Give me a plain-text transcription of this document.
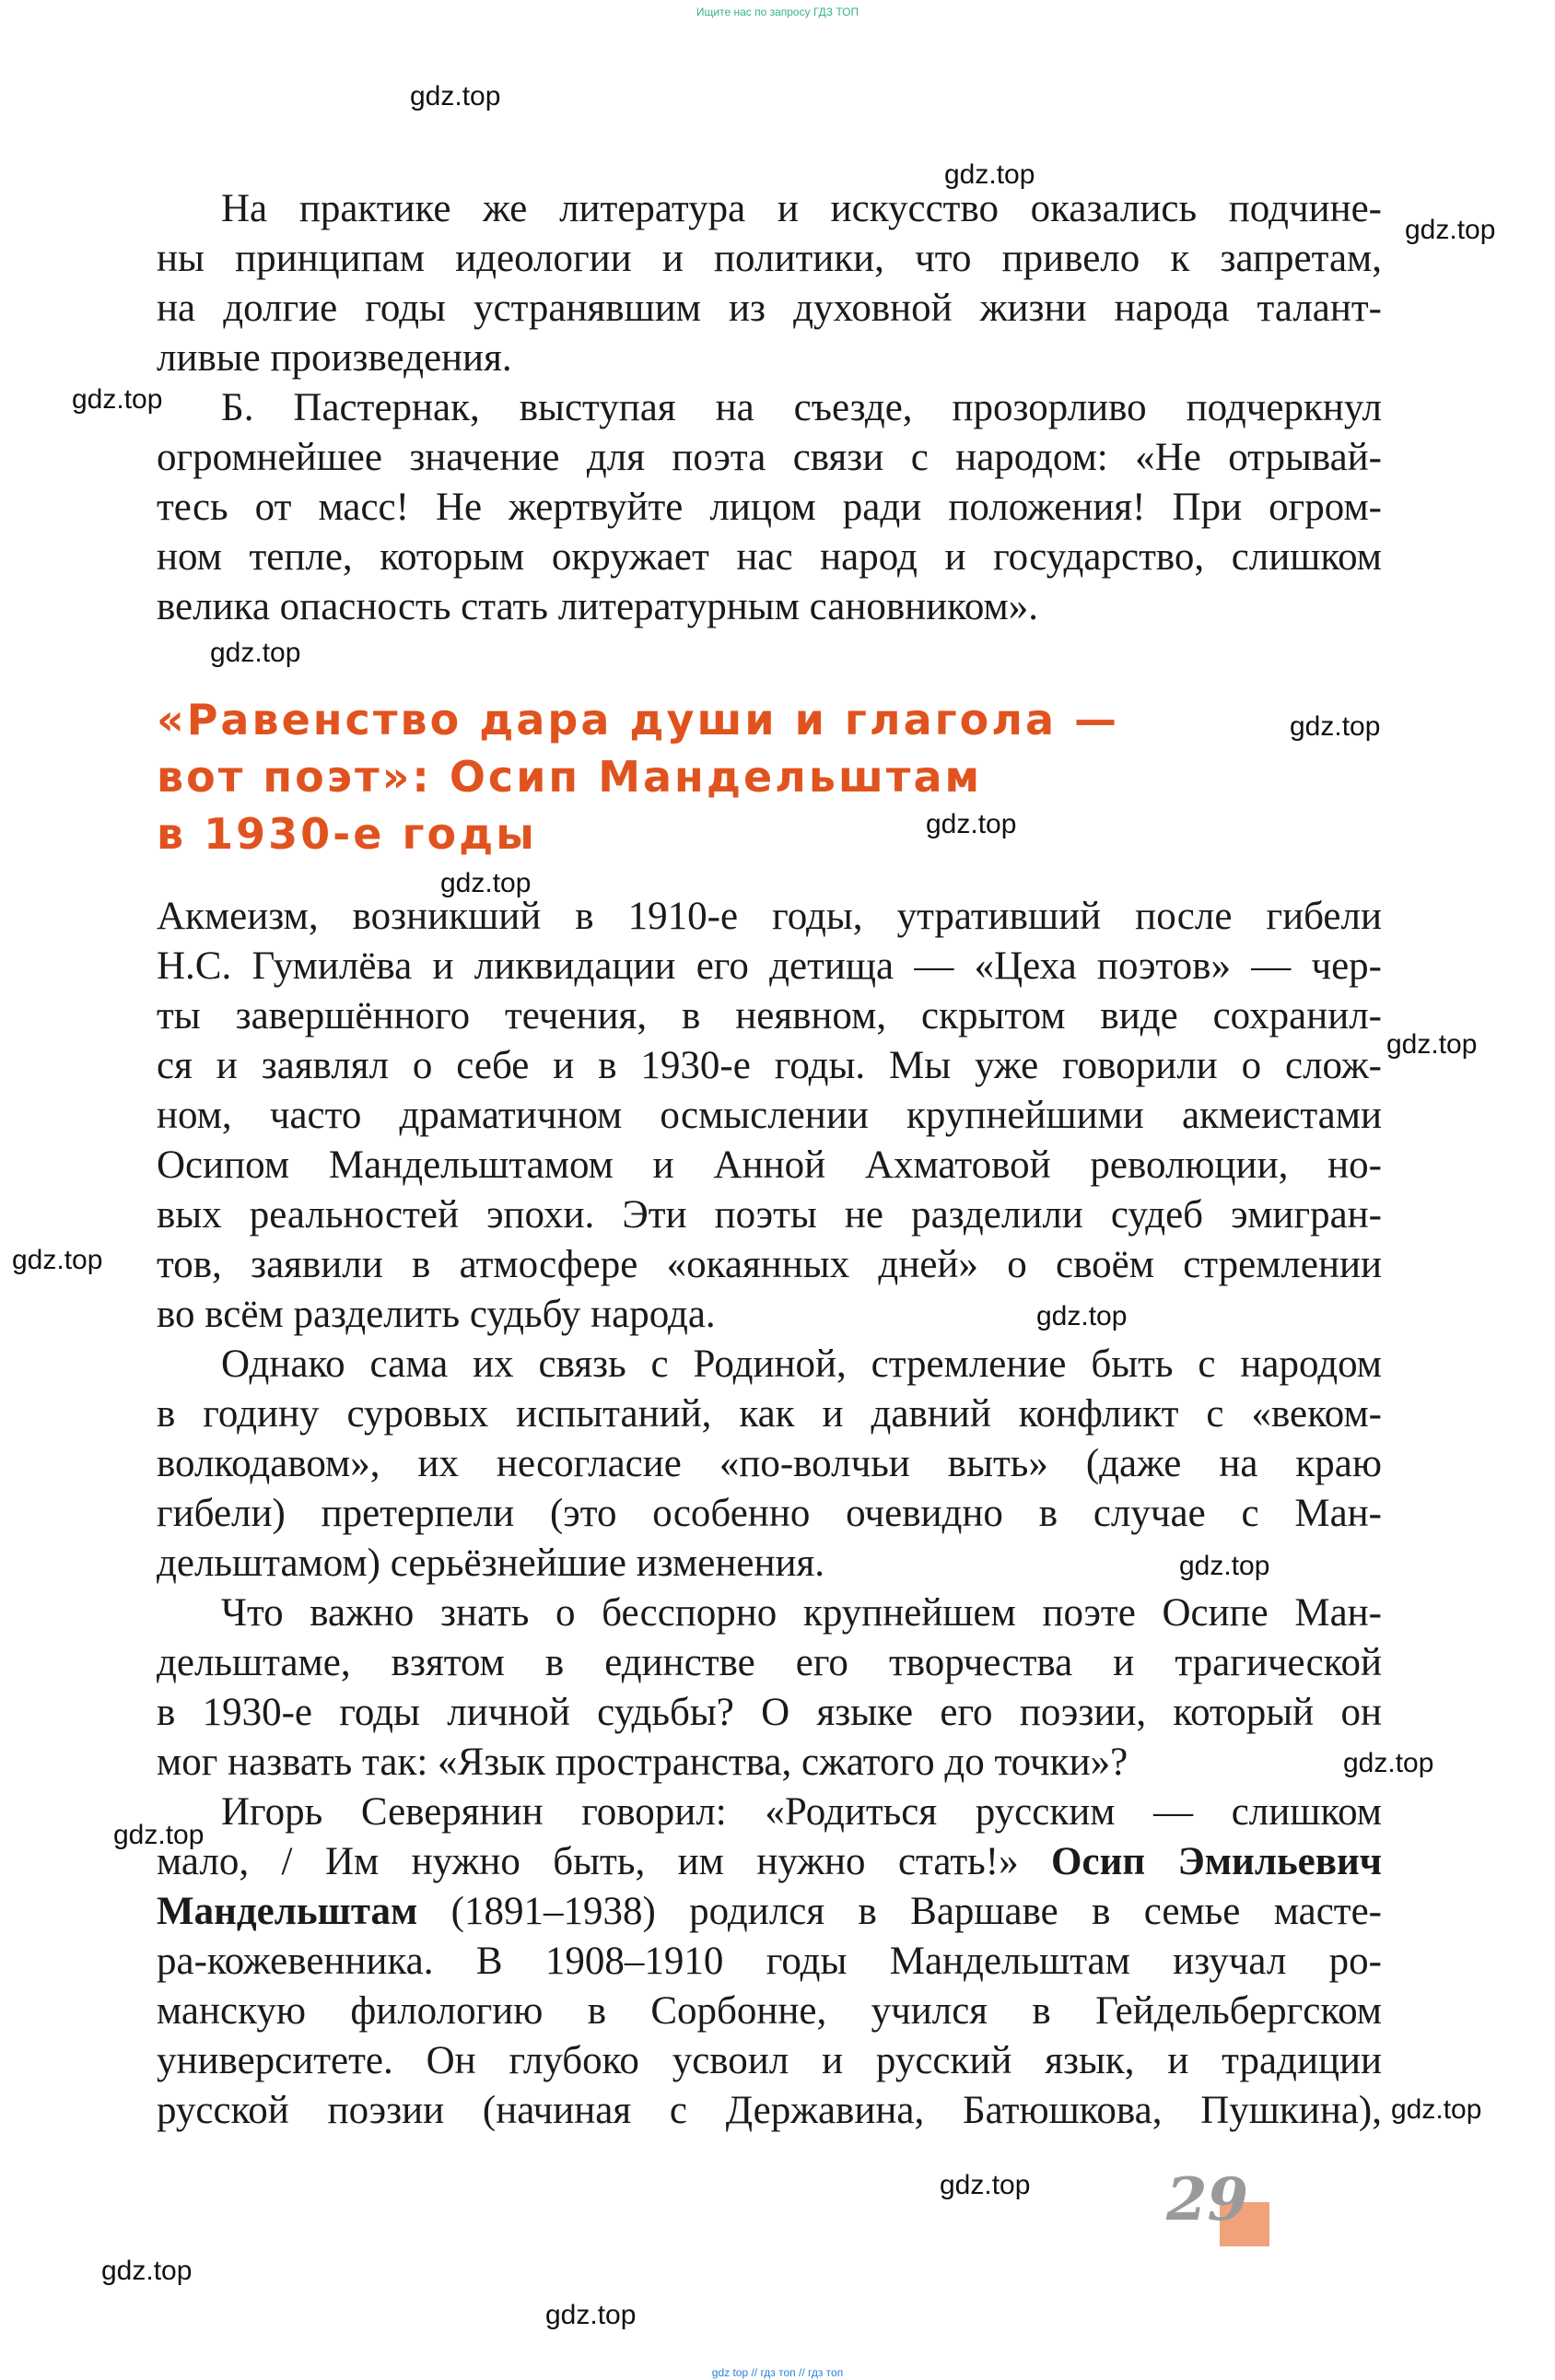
Ищите нас по запросу ГДЗ ТОП
gdz.top
gdz.top
gdz.top
gdz.top
gdz.top
gdz.top
gdz.top
gdz.top
gdz.top
gdz.top
gdz.top
gdz.top
gdz.top
gdz.top
gdz.top
gdz.top
gdz.top
gdz.top
На практике же литература и искусство оказались подчине-
ны принципам идеологии и политики, что привело к запретам,
на долгие годы устранявшим из духовной жизни народа талант-
ливые произведения.
Б. Пастернак, выступая на съезде, прозорливо подчеркнул
огромнейшее значение для поэта связи с народом: «Не отрывай-
тесь от масс! Не жертвуйте лицом ради положения! При огром-
ном тепле, которым окружает нас народ и государство, слишком
велика опасность стать литературным сановником».
«Равенство дара души и глагола —
вот поэт»: Осип Мандельштам
в 1930-е годы
Акмеизм, возникший в 1910-е годы, утративший после гибели
Н.С. Гумилёва и ликвидации его детища — «Цеха поэтов» — чер-
ты завершённого течения, в неявном, скрытом виде сохранил-
ся и заявлял о себе и в 1930-е годы. Мы уже говорили о слож-
ном, часто драматичном осмыслении крупнейшими акмеистами
Осипом Мандельштамом и Анной Ахматовой революции, но-
вых реальностей эпохи. Эти поэты не разделили судеб эмигран-
тов, заявили в атмосфере «окаянных дней» о своём стремлении
во всём разделить судьбу народа.
Однако сама их связь с Родиной, стремление быть с народом
в годину суровых испытаний, как и давний конфликт с «веком-
волкодавом», их несогласие «по-волчьи выть» (даже на краю
гибели) претерпели (это особенно очевидно в случае с Ман-
дельштамом) серьёзнейшие изменения.
Что важно знать о бесспорно крупнейшем поэте Осипе Ман-
дельштаме, взятом в единстве его творчества и трагической
в 1930-е годы личной судьбы? О языке его поэзии, который он
мог назвать так: «Язык пространства, сжатого до точки»?
Игорь Северянин говорил: «Родиться русским — слишком
мало, / Им нужно быть, им нужно стать!» Осип Эмильевич
Мандельштам (1891–1938) родился в Варшаве в семье масте-
ра-кожевенника. В 1908–1910 годы Мандельштам изучал ро-
манскую филологию в Сорбонне, учился в Гейдельбергском
университете. Он глубоко усвоил и русский язык, и традиции
русской поэзии (начиная с Державина, Батюшкова, Пушкина),
29
gdz top // гдз топ // гдз топ
